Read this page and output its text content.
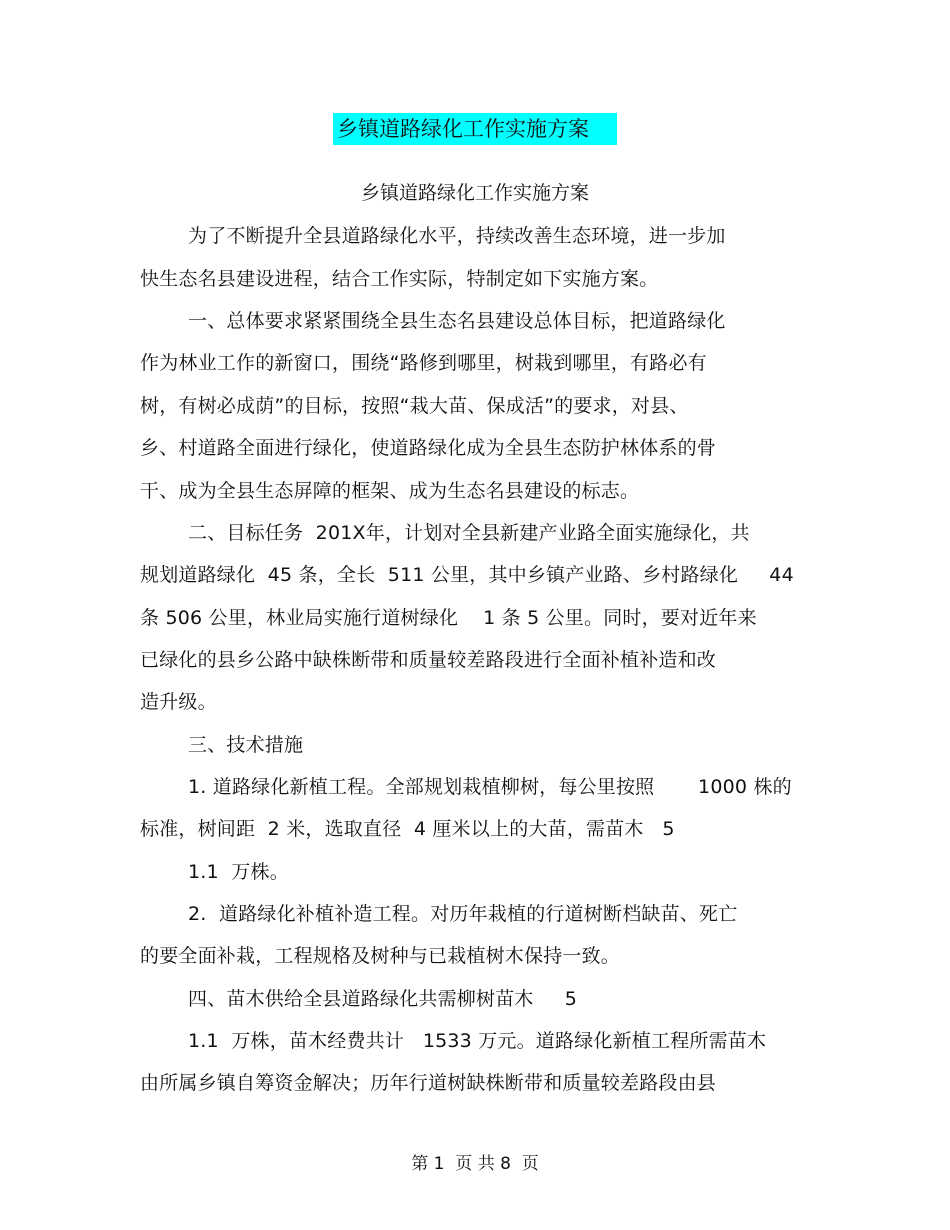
乡镇道路绿化工作实施方案
乡镇道路绿化工作实施方案
为了不断提升全县道路绿化水平，持续改善生态环境，进一步加
快生态名县建设进程，结合工作实际，特制定如下实施方案。
一、总体要求紧紧围绕全县生态名县建设总体目标，把道路绿化
作为林业工作的新窗口，围绕“路修到哪里，树栽到哪里，有路必有
树，有树必成荫”的目标，按照“栽大苗、保成活”的要求，对县、
乡、村道路全面进行绿化，使道路绿化成为全县生态防护林体系的骨
干、成为全县生态屏障的框架、成为生态名县建设的标志。
二、目标任务  201X年，计划对全县新建产业路全面实施绿化，共
规划道路绿化  45 条，全长  511 公里，其中乡镇产业路、乡村路绿化     44
条 506 公里，林业局实施行道树绿化    1 条 5 公里。同时，要对近年来
已绿化的县乡公路中缺株断带和质量较差路段进行全面补植补造和改
造升级。
三、技术措施
1. 道路绿化新植工程。全部规划栽植柳树，每公里按照       1000 株的
标准，树间距  2 米，选取直径  4 厘米以上的大苗，需苗木   5
1.1  万株。
2.  道路绿化补植补造工程。对历年栽植的行道树断档缺苗、死亡
的要全面补栽，工程规格及树种与已栽植树木保持一致。
四、苗木供给全县道路绿化共需柳树苗木     5
1.1  万株，苗木经费共计   1533 万元。道路绿化新植工程所需苗木
由所属乡镇自筹资金解决；历年行道树缺株断带和质量较差路段由县
第 1  页 共 8  页
